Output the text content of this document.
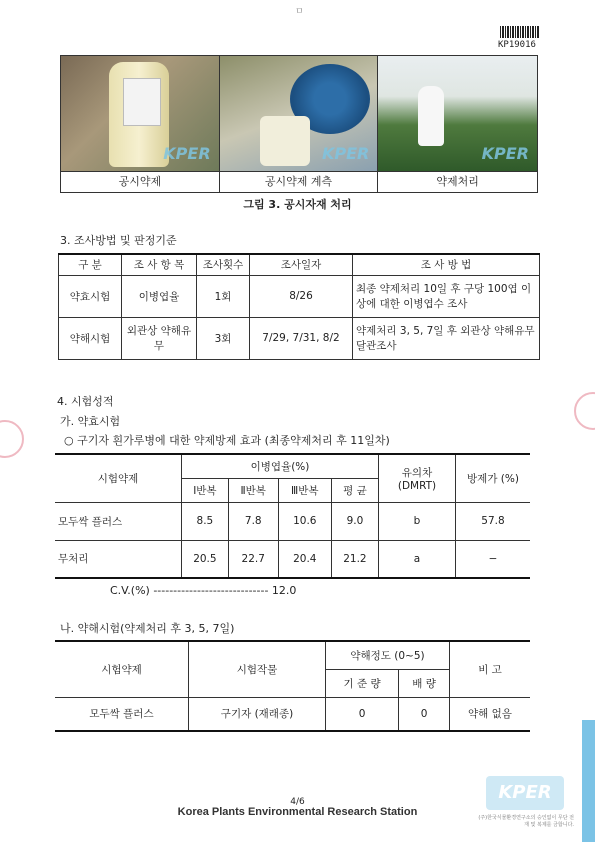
ㅁ
KP19016
KPER	KPER	KPER

공시약제	공시약제 계측	약제처리
그림 3. 공시자재 처리
3. 조사방법 및 판정기준
구 분	조 사 항 목	조사횟수	조사일자	조 사 방 법
약효시험	이병엽율	1회	8/26	최종 약제처리 10일 후 구당 100엽 이상에 대한 이병엽수 조사
약해시험	외관상 약해유무	3회	7/29, 7/31, 8/2	약제처리 3, 5, 7일 후 외관상 약해유무 달관조사
4. 시험성적
가. 약효시험
○ 구기자 흰가루병에 대한 약제방제 효과 (최종약제처리 후 11일차)
시험약제	이병엽율(%)				유의차 (DMRT)	방제가 (%)
	Ⅰ반복	Ⅱ반복	Ⅲ반복	평 균		
모두싹 플러스	8.5	7.8	10.6	9.0	b	57.8
무처리	20.5	22.7	20.4	21.2	a	−
C.V.(%) ----------------------------- 12.0
나. 약해시험(약제처리 후 3, 5, 7일)
시험약제	시험작물	약해정도 (0~5)		비 고
		기 준 량	배 량	
모두싹 플러스	구기자 (재래종)	0	0	약해 없음
4/6
Korea Plants Environmental Research Station
KPER
(주)한국식물환경연구소의 승인없이 무단 전재 및 복제를 금합니다.
